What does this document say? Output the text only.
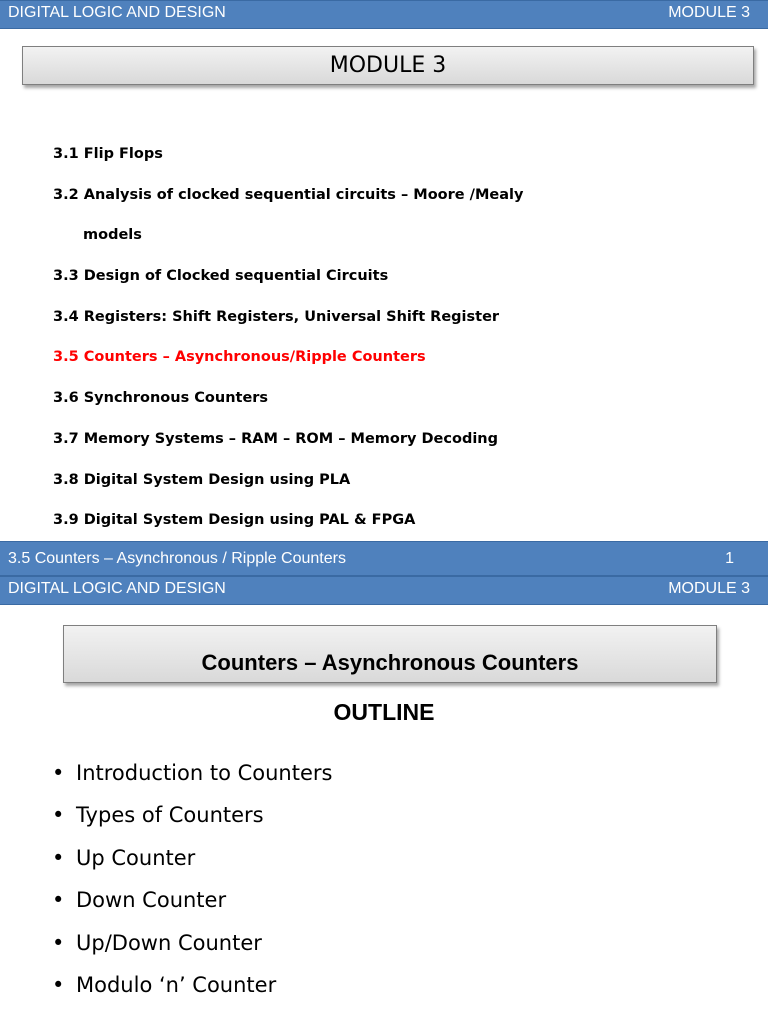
DIGITAL LOGIC AND DESIGN	MODULE 3
MODULE 3
3.1 Flip Flops
3.2 Analysis of clocked sequential circuits – Moore /Mealy
models
3.3 Design of Clocked sequential Circuits
3.4 Registers: Shift Registers, Universal Shift Register
3.5 Counters – Asynchronous/Ripple Counters
3.6 Synchronous Counters
3.7 Memory Systems – RAM – ROM – Memory Decoding
3.8 Digital System Design using PLA
3.9 Digital System Design using PAL & FPGA
3.5 Counters – Asynchronous / Ripple Counters	1
DIGITAL LOGIC AND DESIGN	MODULE 3
Counters – Asynchronous Counters
OUTLINE
• Introduction to Counters
• Types of Counters
• Up Counter
• Down Counter
• Up/Down Counter
• Modulo ‘n’ Counter
